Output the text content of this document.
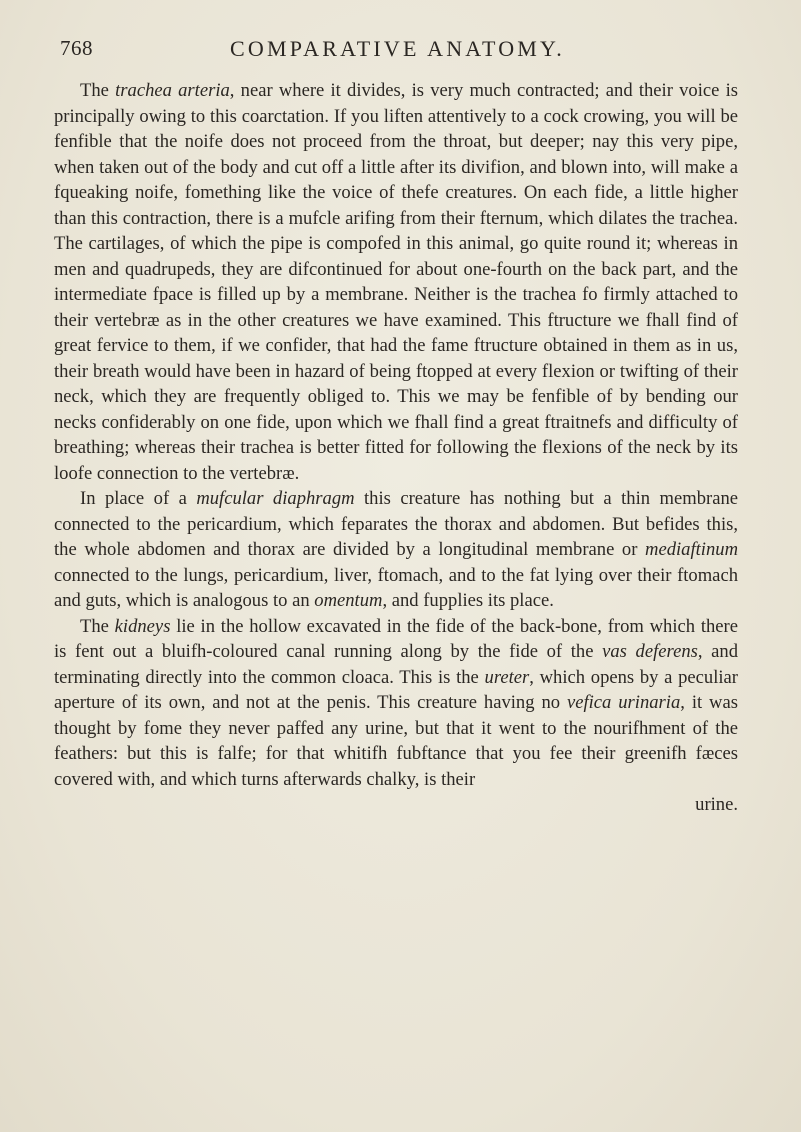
768	COMPARATIVE ANATOMY.

The trachea arteria, near where it divides, is very much contracted; and their voice is principally owing to this coarctation. If you liften attentively to a cock crowing, you will be fenfible that the noife does not proceed from the throat, but deeper; nay this very pipe, when taken out of the body and cut off a little after its divifion, and blown into, will make a fqueaking noife, fomething like the voice of thefe creatures. On each fide, a little higher than this contraction, there is a mufcle arifing from their fternum, which dilates the trachea. The cartilages, of which the pipe is compofed in this animal, go quite round it; whereas in men and quadrupeds, they are difcontinued for about one-fourth on the back part, and the intermediate fpace is filled up by a membrane. Neither is the trachea fo firmly attached to their vertebræ as in the other creatures we have examined. This ftructure we fhall find of great fervice to them, if we confider, that had the fame ftructure obtained in them as in us, their breath would have been in hazard of being ftopped at every flexion or twifting of their neck, which they are frequently obliged to. This we may be fenfible of by bending our necks confiderably on one fide, upon which we fhall find a great ftraitnefs and difficulty of breathing; whereas their trachea is better fitted for following the flexions of the neck by its loofe connection to the vertebræ.

In place of a mufcular diaphragm this creature has nothing but a thin membrane connected to the pericardium, which feparates the thorax and abdomen. But befides this, the whole abdomen and thorax are divided by a longitudinal membrane or mediaftinum connected to the lungs, pericardium, liver, ftomach, and to the fat lying over their ftomach and guts, which is analogous to an omentum, and fupplies its place.

The kidneys lie in the hollow excavated in the fide of the back-bone, from which there is fent out a bluifh-coloured canal running along by the fide of the vas deferens, and terminating directly into the common cloaca. This is the ureter, which opens by a peculiar aperture of its own, and not at the penis. This creature having no vefica urinaria, it was thought by fome they never paffed any urine, but that it went to the nourifhment of the feathers: but this is falfe; for that whitifh fubftance that you fee their greenifh fæces covered with, and which turns afterwards chalky, is their

urine.
